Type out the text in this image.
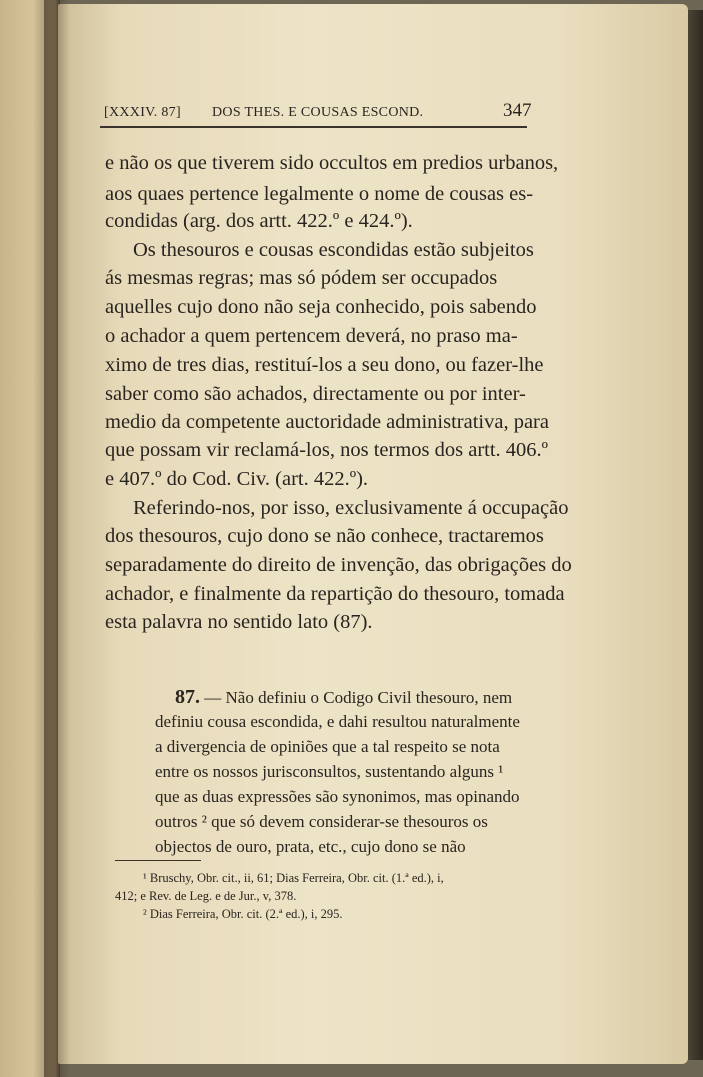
[XXXIV. 87] DOS THES. E COUSAS ESCOND.	347
e não os que tiverem sido occultos em predios urbanos,
aos quaes pertence legalmente o nome de cousas es-
condidas (arg. dos artt. 422.º e 424.º).
Os thesouros e cousas escondidas estão subjeitos
ás mesmas regras; mas só pódem ser occupados
aquelles cujo dono não seja conhecido, pois sabendo
o achador a quem pertencem deverá, no praso ma-
ximo de tres dias, restituí-los a seu dono, ou fazer-lhe
saber como são achados, directamente ou por inter-
medio da competente auctoridade administrativa, para
que possam vir reclamá-los, nos termos dos artt. 406.º
e 407.º do Cod. Civ. (art. 422.º).
Referindo-nos, por isso, exclusivamente á occupação
dos thesouros, cujo dono se não conhece, tractaremos
separadamente do direito de invenção, das obrigações do
achador, e finalmente da repartição do thesouro, tomada
esta palavra no sentido lato (87).
87. — Não definiu o Codigo Civil thesouro, nem
definiu cousa escondida, e dahi resultou naturalmente
a divergencia de opiniões que a tal respeito se nota
entre os nossos jurisconsultos, sustentando alguns ¹
que as duas expressões são synonimos, mas opinando
outros ² que só devem considerar-se thesouros os
objectos de ouro, prata, etc., cujo dono se não
¹ Bruschy, Obr. cit., ii, 61; Dias Ferreira, Obr. cit. (1.ª ed.), i,
412; e Rev. de Leg. e de Jur., v, 378.
² Dias Ferreira, Obr. cit. (2.ª ed.), i, 295.
